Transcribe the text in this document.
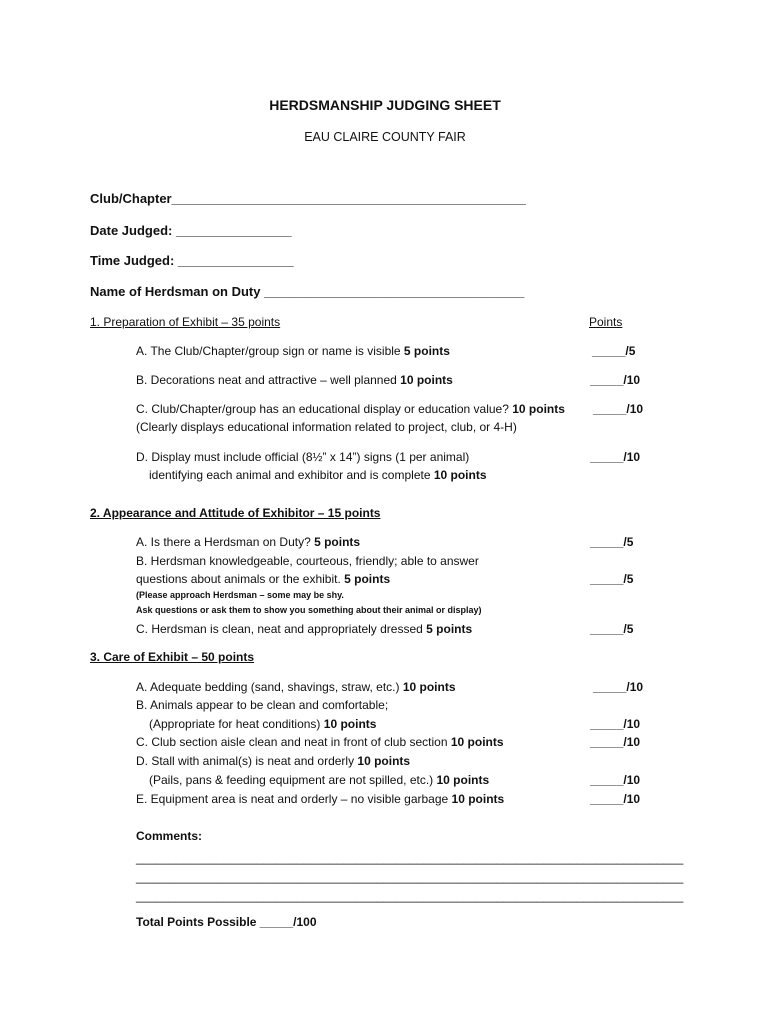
HERDSMANSHIP JUDGING SHEET
EAU CLAIRE COUNTY FAIR
Club/Chapter_________________________________________________
Date Judged: ________________
Time Judged: ________________
Name of Herdsman on Duty ____________________________________
1. Preparation of Exhibit – 35 points	Points
A. The Club/Chapter/group sign or name is visible 5 points	_____/5
B. Decorations neat and attractive – well planned 10 points	_____/10
C. Club/Chapter/group has an educational display or education value? 10 points _____/10
(Clearly displays educational information related to project, club, or 4-H)
D. Display must include official (8½” x 14”) signs (1 per animal)	_____/10
identifying each animal and exhibitor and is complete 10 points
2. Appearance and Attitude of Exhibitor – 15 points
A. Is there a Herdsman on Duty? 5 points	_____/5
B. Herdsman knowledgeable, courteous, friendly; able to answer
questions about animals or the exhibit. 5 points	_____/5
(Please approach Herdsman – some may be shy.
Ask questions or ask them to show you something about their animal or display)
C. Herdsman is clean, neat and appropriately dressed 5 points	_____/5
3. Care of Exhibit – 50 points
A. Adequate bedding (sand, shavings, straw, etc.) 10 points	_____/10
B. Animals appear to be clean and comfortable;
(Appropriate for heat conditions) 10 points	_____/10
C. Club section aisle clean and neat in front of club section 10 points	_____/10
D. Stall with animal(s) is neat and orderly 10 points
(Pails, pans & feeding equipment are not spilled, etc.) 10 points	_____/10
E. Equipment area is neat and orderly – no visible garbage 10 points	_____/10
Comments:
__________________________________________________________________________________
__________________________________________________________________________________
__________________________________________________________________________________
Total Points Possible _____/100
